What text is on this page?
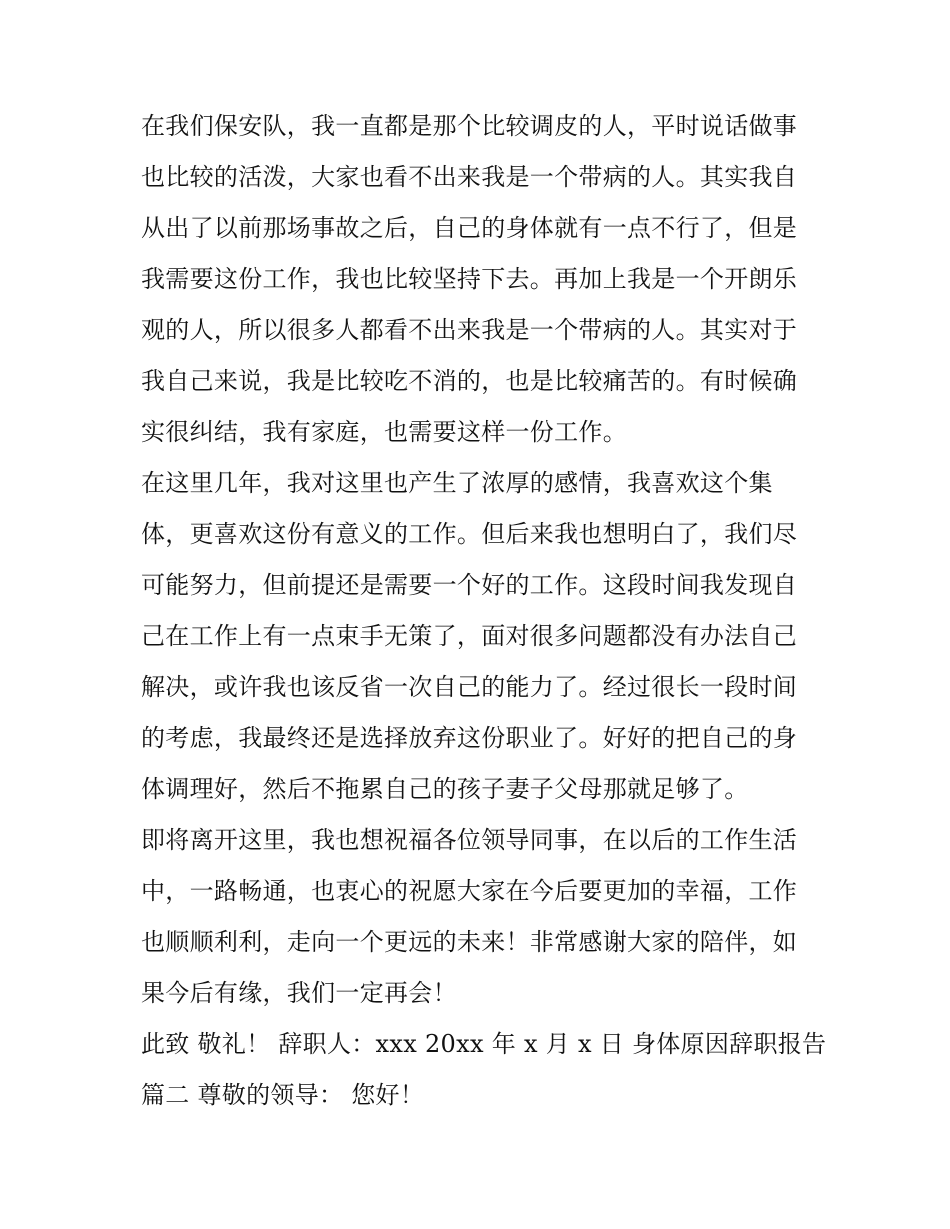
在我们保安队，我一直都是那个比较调皮的人，平时说话做事
也比较的活泼，大家也看不出来我是一个带病的人。其实我自
从出了以前那场事故之后，自己的身体就有一点不行了，但是
我需要这份工作，我也比较坚持下去。再加上我是一个开朗乐
观的人，所以很多人都看不出来我是一个带病的人。其实对于
我自己来说，我是比较吃不消的，也是比较痛苦的。有时候确
实很纠结，我有家庭，也需要这样一份工作。
在这里几年，我对这里也产生了浓厚的感情，我喜欢这个集
体，更喜欢这份有意义的工作。但后来我也想明白了，我们尽
可能努力，但前提还是需要一个好的工作。这段时间我发现自
己在工作上有一点束手无策了，面对很多问题都没有办法自己
解决，或许我也该反省一次自己的能力了。经过很长一段时间
的考虑，我最终还是选择放弃这份职业了。好好的把自己的身
体调理好，然后不拖累自己的孩子妻子父母那就足够了。
即将离开这里，我也想祝福各位领导同事，在以后的工作生活
中，一路畅通，也衷心的祝愿大家在今后要更加的幸福，工作
也顺顺利利，走向一个更远的未来！非常感谢大家的陪伴，如
果今后有缘，我们一定再会！
此致 敬礼！ 辞职人：xxx 20xx 年 x 月 x 日 身体原因辞职报告
篇二 尊敬的领导： 您好！
